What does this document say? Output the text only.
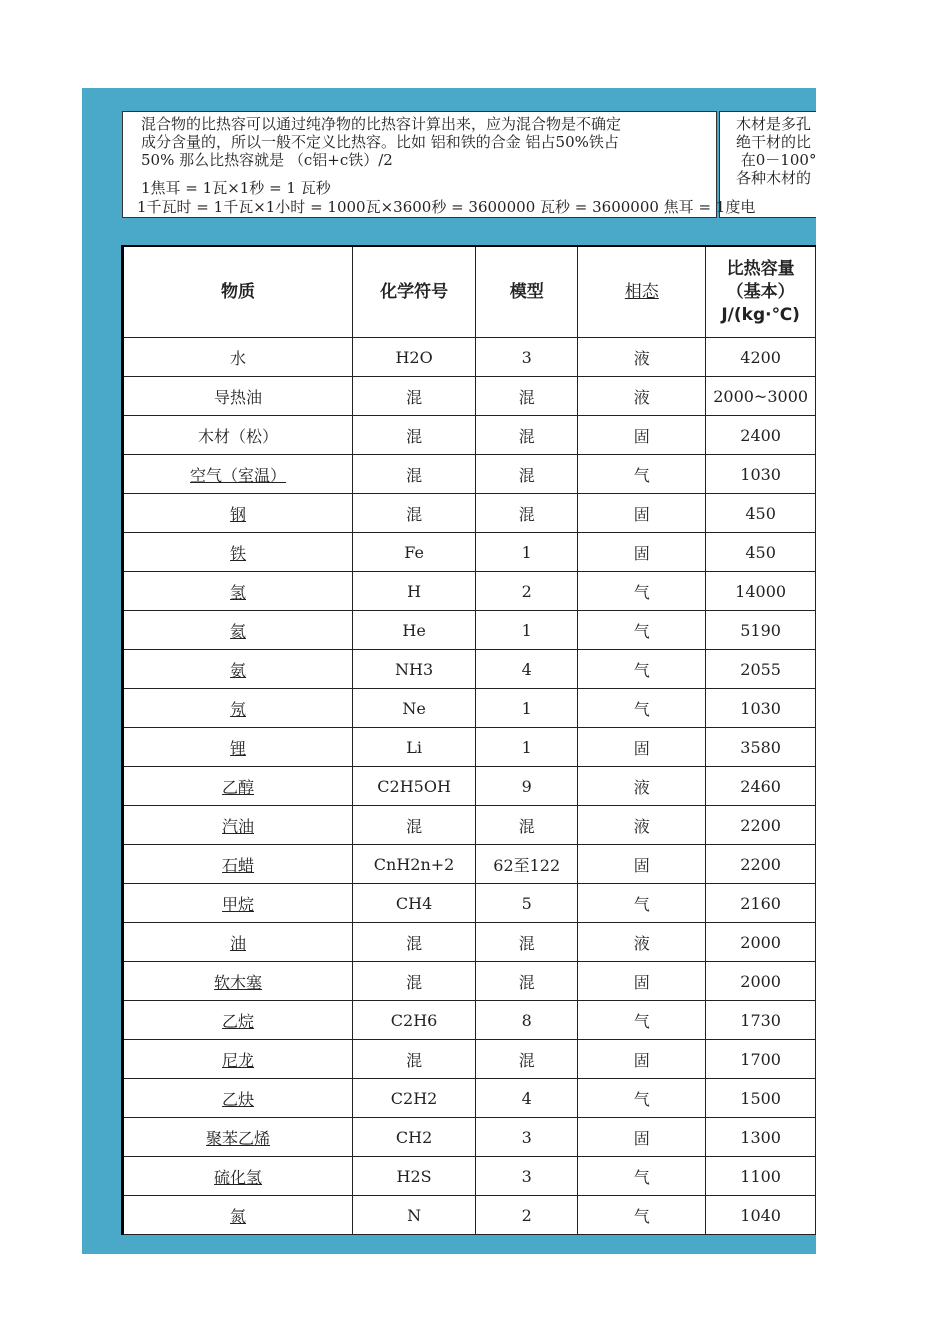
混合物的比热容可以通过纯净物的比热容计算出来，应为混合物是不确定
成分含量的，所以一般不定义比热容。比如 铝和铁的合金 铝占50%铁占
50% 那么比热容就是 （c铝+c铁）/2
1焦耳 = 1瓦×1秒 = 1 瓦秒
1千瓦时 = 1千瓦×1小时 = 1000瓦×3600秒 = 3600000 瓦秒 = 3600000 焦耳 = 1度电
木材是多孔
绝干材的比
在0－100°
各种木材的
物质	化学符号	模型	相态	比热容量
（基本）
J/(kg·℃)

水	H2O	3	液	4200
导热油	混	混	液	2000~3000
木材（松）	混	混	固	2400
空气（室温）	混	混	气	1030
钢	混	混	固	450
铁	Fe	1	固	450
氢	H	2	气	14000
氦	He	1	气	5190
氨	NH3	4	气	2055
氖	Ne	1	气	1030
锂	Li	1	固	3580
乙醇	C2H5OH	9	液	2460
汽油	混	混	液	2200
石蜡	CnH2n+2	62至122	固	2200
甲烷	CH4	5	气	2160
油	混	混	液	2000
软木塞	混	混	固	2000
乙烷	C2H6	8	气	1730
尼龙	混	混	固	1700
乙炔	C2H2	4	气	1500
聚苯乙烯	CH2	3	固	1300
硫化氢	H2S	3	气	1100
氮	N	2	气	1040
